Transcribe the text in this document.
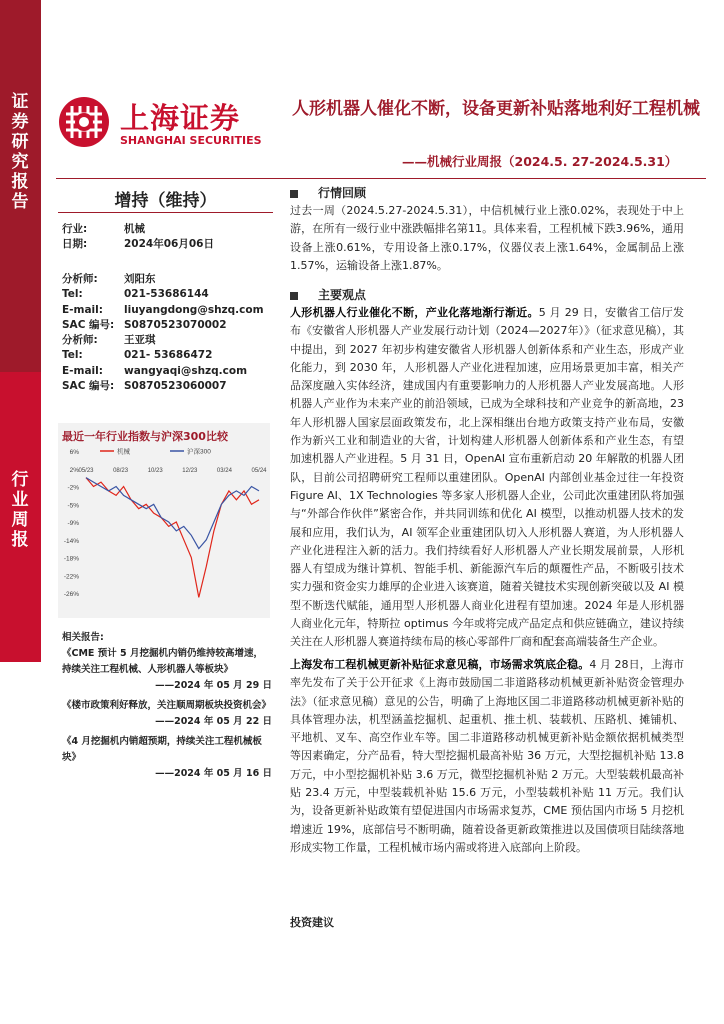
证
券
研
究
报
告
行
业
周
报
上海证券
SHANGHAI SECURITIES
人形机器人催化不断，设备更新补贴落地利好工程机械
——机械行业周报（2024.5. 27-2024.5.31）
增持（维持）
行业:	机械
日期:	2024年06月06日
分析师:	刘阳东
Tel:	021-53686144
E-mail: liuyangdong@shzq.com
SAC 编号: S0870523070002
分析师:	王亚琪
Tel:	021- 53686472
E-mail: wangyaqi@shzq.com
SAC 编号: S0870523060007
最近一年行业指数与沪深300比较
6%
2%
-2%
-5%
-9%
-14%
-18%
-22%
-26%
05/23	08/23	10/23	12/23	03/24	05/24
机械	沪深300
相关报告:
《CME 预计 5 月挖掘机内销仍维持较高增速，持续关注工程机械、人形机器人等板块》
——2024 年 05 月 29 日
《楼市政策利好释放，关注顺周期板块投资机会》
——2024 年 05 月 22 日
《4 月挖掘机内销超预期，持续关注工程机械板块》
——2024 年 05 月 16 日
行情回顾
过去一周（2024.5.27-2024.5.31），中信机械行业上涨0.02%，表现处于中上游，在所有一级行业中涨跌幅排名第11。具体来看，工程机械下跌3.96%，通用设备上涨0.61%，专用设备上涨0.17%，仪器仪表上涨1.64%，金属制品上涨1.57%，运输设备上涨1.87%。
主要观点
人形机器人行业催化不断，产业化落地渐行渐近。5 月 29 日，安徽省工信厅发布《安徽省人形机器人产业发展行动计划（2024—2027年）》（征求意见稿），其中提出，到 2027 年初步构建安徽省人形机器人创新体系和产业生态，形成产业化能力，到 2030 年，人形机器人产业化进程加速，应用场景更加丰富，相关产品深度融入实体经济，建成国内有重要影响力的人形机器人产业发展高地。人形机器人产业作为未来产业的前沿领域，已成为全球科技和产业竞争的新高地，23年人形机器人国家层面政策发布，北上深相继出台地方政策支持产业布局，安徽作为新兴工业和制造业的大省，计划构建人形机器人创新体系和产业生态，有望加速机器人产业进程。5 月 31 日，OpenAI 宣布重新启动 20 年解散的机器人团队，目前公司招聘研究工程师以重建团队。OpenAI 内部创业基金过往一年投资 Figure AI、1X Technologies 等多家人形机器人企业，公司此次重建团队将加强与“外部合作伙伴”紧密合作，并共同训练和优化 AI 模型，以推动机器人技术的发展和应用，我们认为，AI 领军企业重建团队切入人形机器人赛道，为人形机器人产业化进程注入新的活力。我们持续看好人形机器人产业长期发展前景，人形机器人有望成为继计算机、智能手机、新能源汽车后的颠覆性产品，不断吸引技术实力强和资金实力雄厚的企业进入该赛道，随着关键技术实现创新突破以及 AI 模型不断迭代赋能，通用型人形机器人商业化进程有望加速。2024 年是人形机器人商业化元年，特斯拉 optimus 今年或将完成产品定点和供应链确立，建议持续关注在人形机器人赛道持续布局的核心零部件厂商和配套高端装备生产企业。
上海发布工程机械更新补贴征求意见稿，市场需求筑底企稳。4 月 28日，上海市率先发布了关于公开征求《上海市鼓励国二非道路移动机械更新补贴资金管理办法》（征求意见稿）意见的公告，明确了上海地区国二非道路移动机械更新补贴的具体管理办法，机型涵盖挖掘机、起重机、推土机、装载机、压路机、摊铺机、平地机、叉车、高空作业车等。国二非道路移动机械更新补贴金额依据机械类型等因素确定，分产品看，特大型挖掘机最高补贴 36 万元，大型挖掘机补贴 13.8 万元，中小型挖掘机补贴 3.6 万元，微型挖掘机补贴 2 万元。大型装载机最高补贴 23.4 万元，中型装载机补贴 15.6 万元，小型装载机补贴 11 万元。我们认为，设备更新补贴政策有望促进国内市场需求复苏，CME 预估国内市场 5 月挖机增速近 19%，底部信号不断明确，随着设备更新政策推进以及国债项目陆续落地形成实物工作量，工程机械市场内需或将进入底部向上阶段。
投资建议
